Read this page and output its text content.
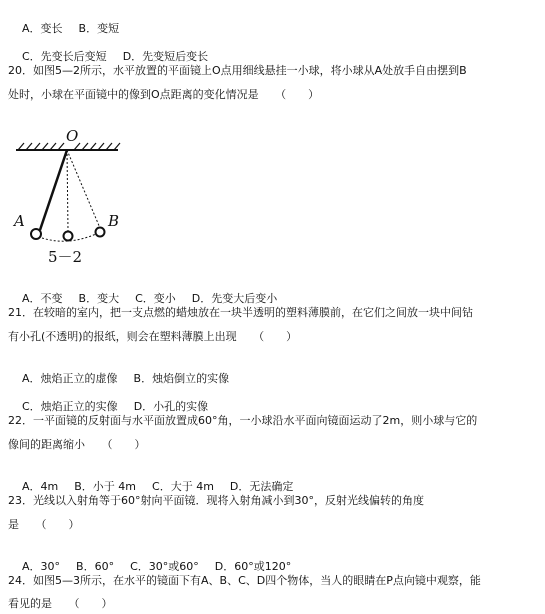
A．变长 B．变短

C．先变长后变短 D．先变短后变长

20．如图5—2所示，水平放置的平面镜上O点用细线悬挂一小球，将小球从A处放手自由摆到B
处时，小球在平面镜中的像到O点距离的变化情况是　　（　　）
O
A	B
5－2

A．不变 B．变大 C．变小 D．先变大后变小

21．在较暗的室内，把一支点燃的蜡烛放在一块半透明的塑料薄膜前，在它们之间放一块中间钻
有小孔(不透明)的报纸，则会在塑料薄膜上出现　　（　　）

A．烛焰正立的虚像 B．烛焰倒立的实像

C．烛焰正立的实像 D．小孔的实像

22．一平面镜的反射面与水平面放置成60°角，一小球沿水平面向镜面运动了2m，则小球与它的
像间的距离缩小　　（　　）

A．4m B．小于 4m C．大于 4m D．无法确定

23．光线以入射角等于60°射向平面镜．现将入射角减小到30°，反射光线偏转的角度
是　　（　　）

A．30° B．60° C．30°或60° D．60°或120°

24．如图5—3所示，在水平的镜面下有A、B、C、D四个物体，当人的眼睛在P点向镜中观察，能
看见的是　　（　　）
